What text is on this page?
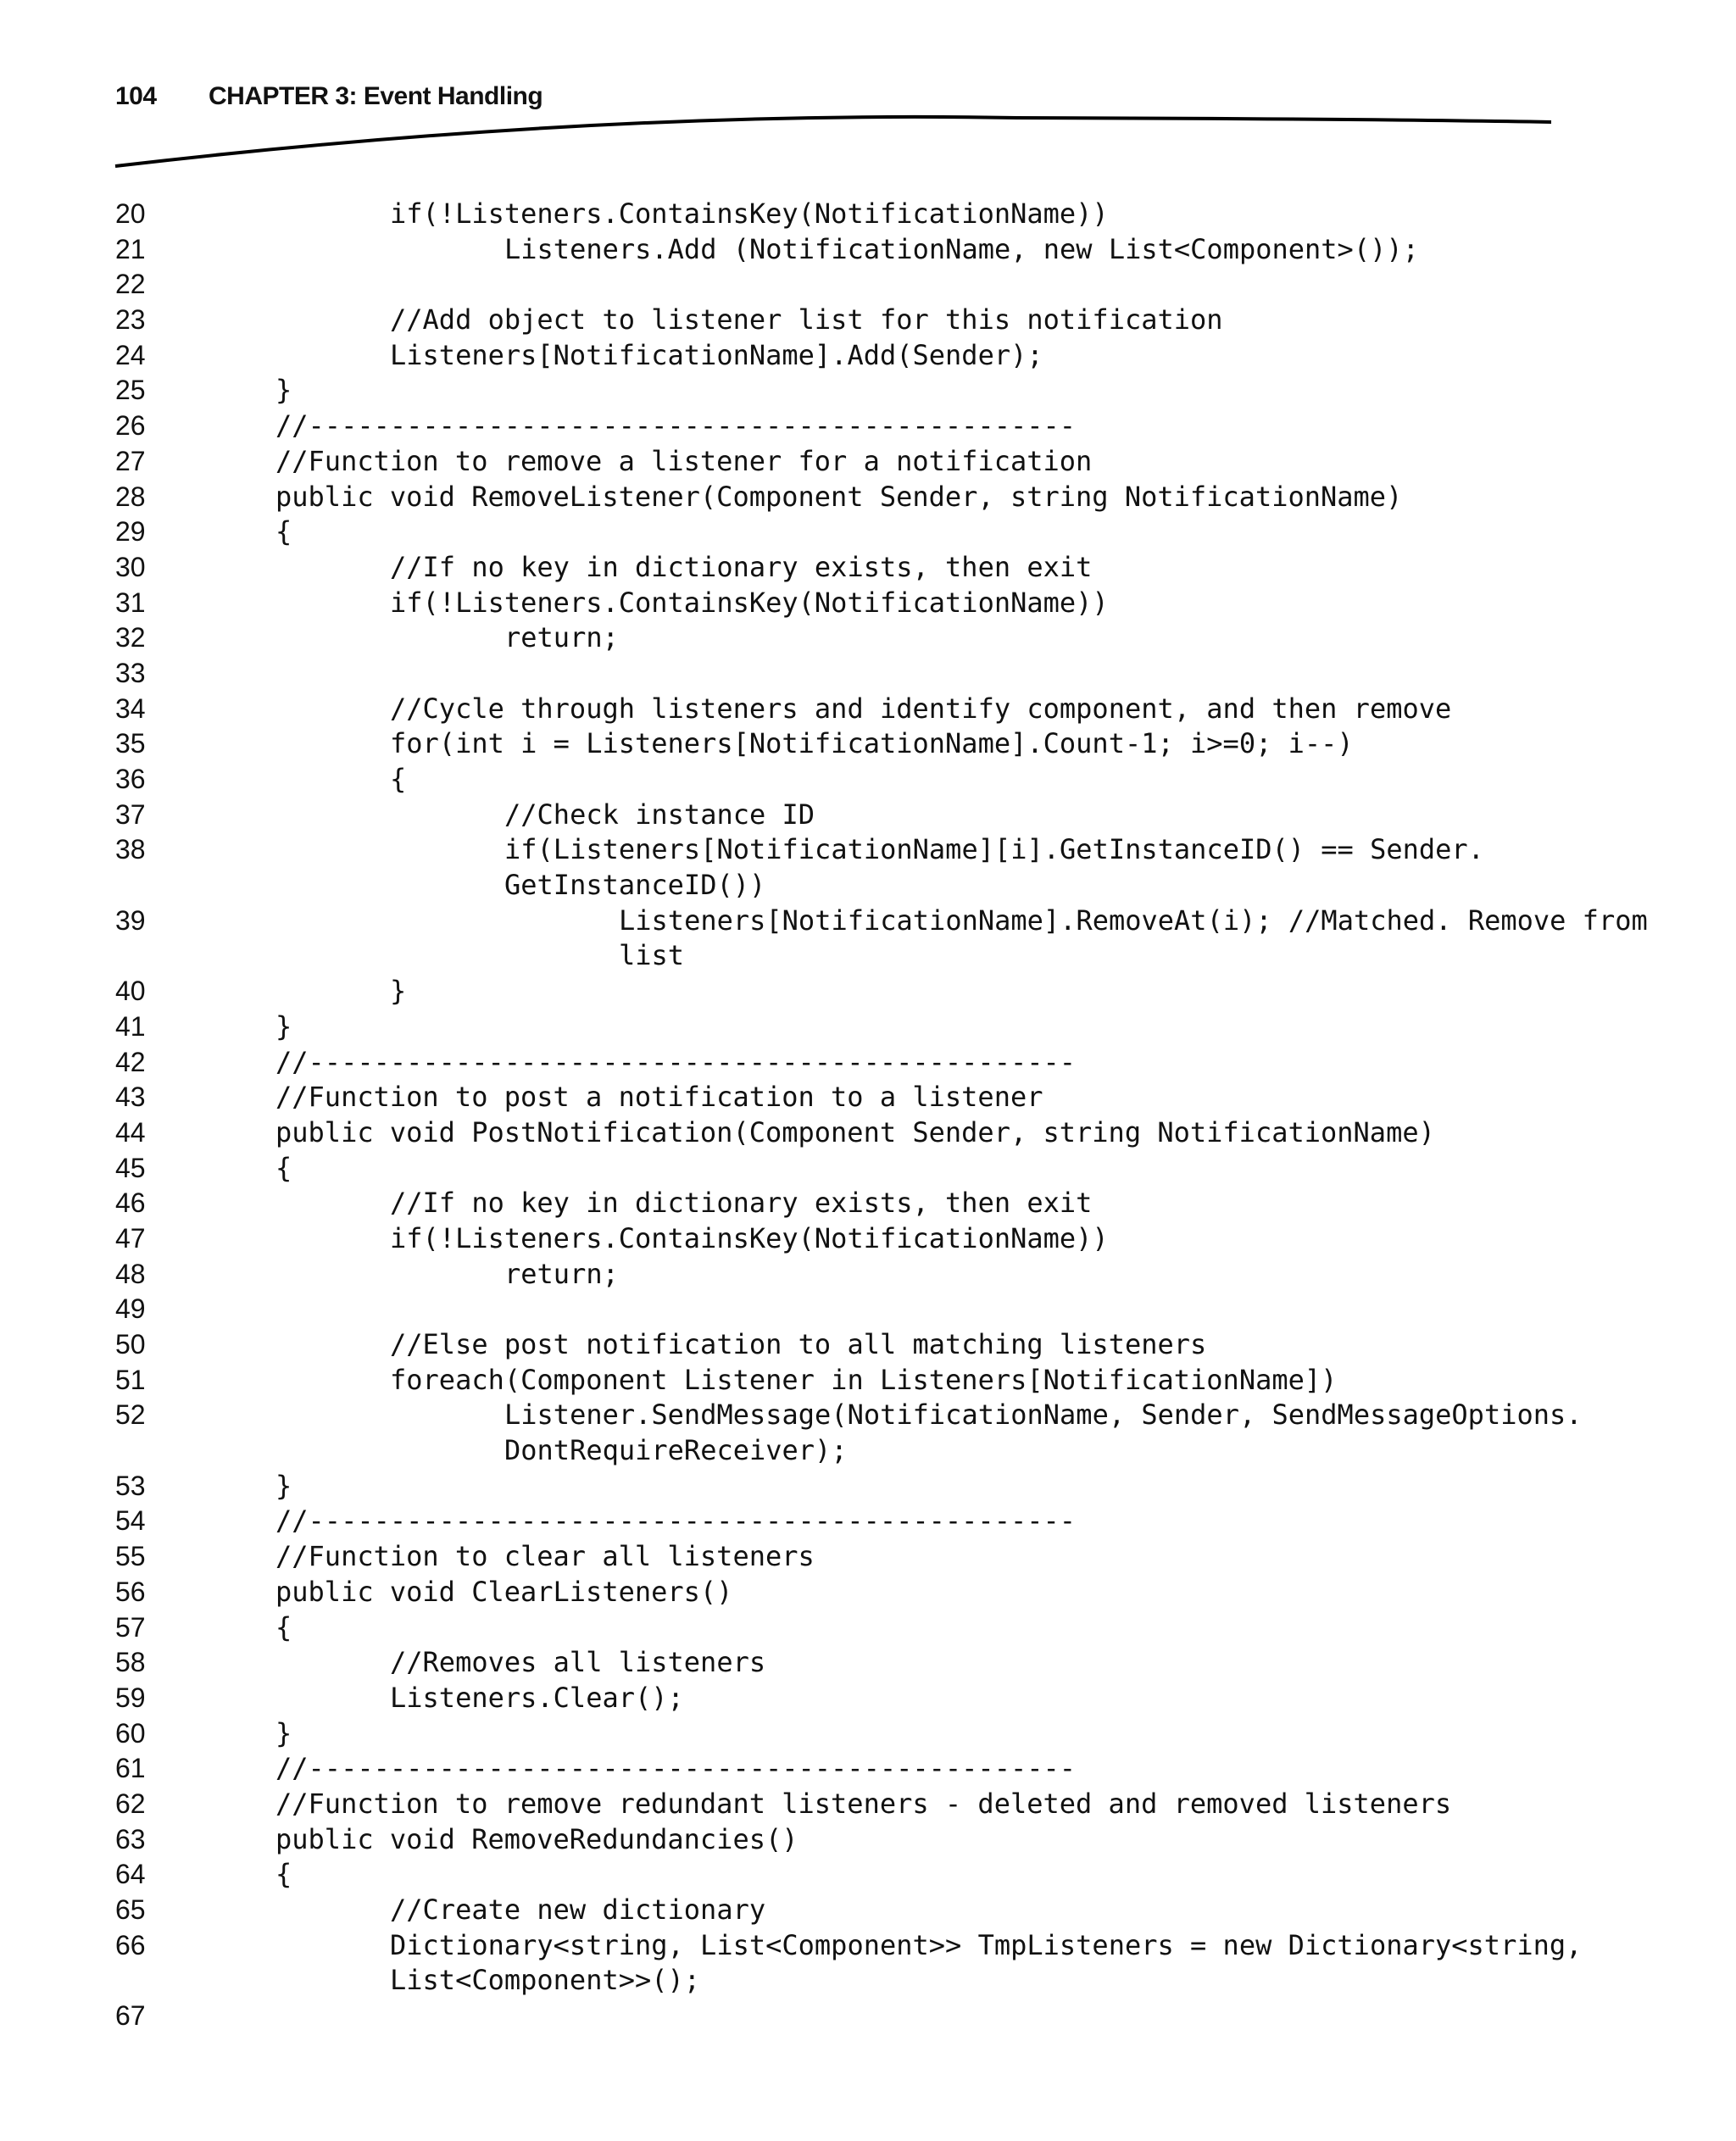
104	CHAPTER 3: Event Handling
20	if(!Listeners.ContainsKey(NotificationName))
21	Listeners.Add (NotificationName, new List<Component>());
22
23	//Add object to listener list for this notification
24	Listeners[NotificationName].Add(Sender);
25	}
26	//-----------------------------------------------
27	//Function to remove a listener for a notification
28	public void RemoveListener(Component Sender, string NotificationName)
29	{
30	//If no key in dictionary exists, then exit
31	if(!Listeners.ContainsKey(NotificationName))
32	return;
33
34	//Cycle through listeners and identify component, and then remove
35	for(int i = Listeners[NotificationName].Count-1; i>=0; i--)
36	{
37	//Check instance ID
38	if(Listeners[NotificationName][i].GetInstanceID() == Sender.
GetInstanceID())
39	Listeners[NotificationName].RemoveAt(i); //Matched. Remove from
list
40	}
41	}
42	//-----------------------------------------------
43	//Function to post a notification to a listener
44	public void PostNotification(Component Sender, string NotificationName)
45	{
46	//If no key in dictionary exists, then exit
47	if(!Listeners.ContainsKey(NotificationName))
48	return;
49
50	//Else post notification to all matching listeners
51	foreach(Component Listener in Listeners[NotificationName])
52	Listener.SendMessage(NotificationName, Sender, SendMessageOptions.
DontRequireReceiver);
53	}
54	//-----------------------------------------------
55	//Function to clear all listeners
56	public void ClearListeners()
57	{
58	//Removes all listeners
59	Listeners.Clear();
60	}
61	//-----------------------------------------------
62	//Function to remove redundant listeners - deleted and removed listeners
63	public void RemoveRedundancies()
64	{
65	//Create new dictionary
66	Dictionary<string, List<Component>> TmpListeners = new Dictionary<string,
List<Component>>();
67
